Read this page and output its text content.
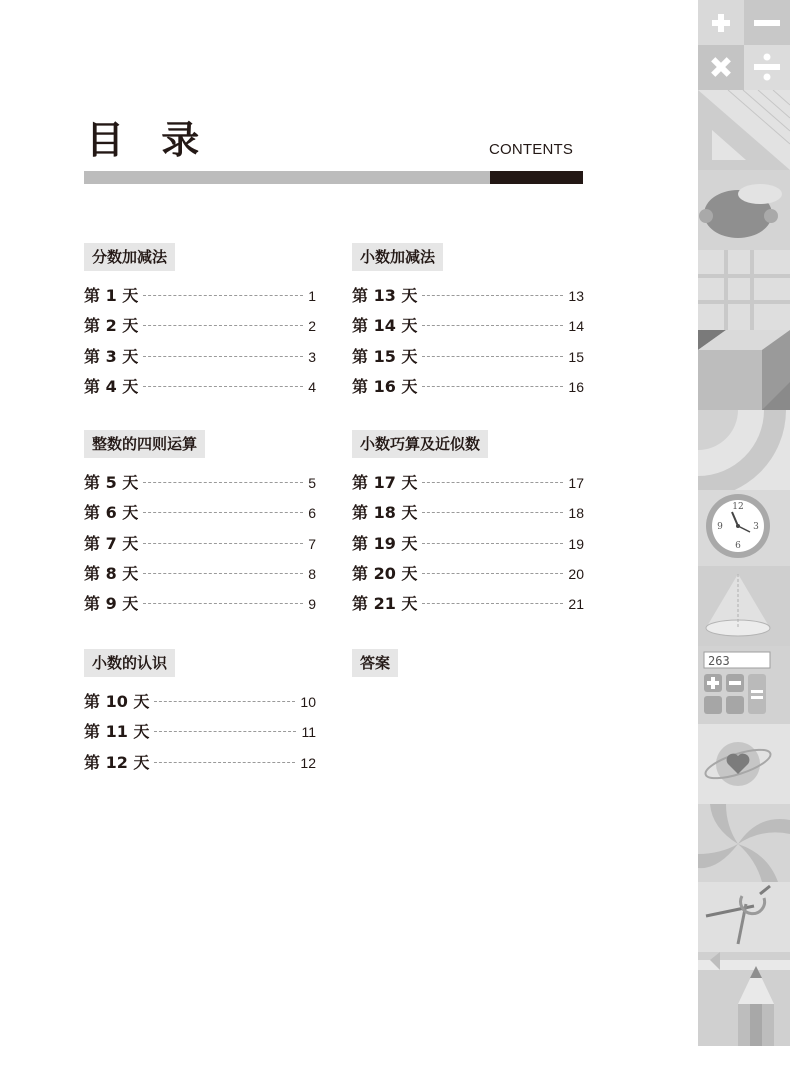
目 录	CONTENTS
分数加减法
第 1 天	1
第 2 天	2
第 3 天	3
第 4 天	4
小数加减法
第 13 天	13
第 14 天	14
第 15 天	15
第 16 天	16
整数的四则运算
第 5 天	5
第 6 天	6
第 7 天	7
第 8 天	8
第 9 天	9
小数巧算及近似数
第 17 天	17
第 18 天	18
第 19 天	19
第 20 天	20
第 21 天	21
小数的认识
第 10 天	10
第 11 天	11
第 12 天	12
答案
12
3
6
9
263
